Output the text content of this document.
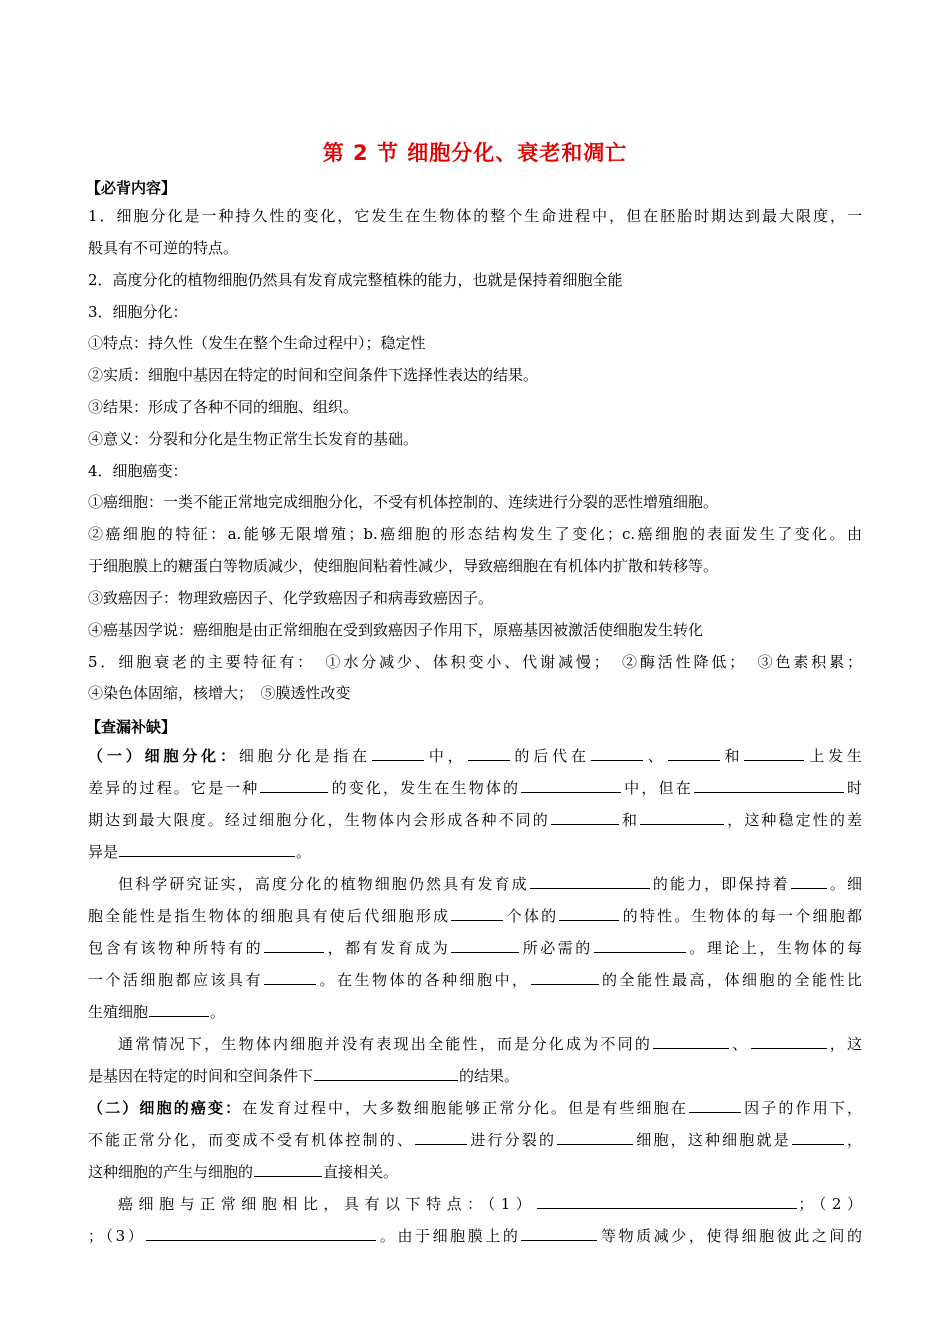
第 2 节 细胞分化、衰老和凋亡
【必背内容】
1．细胞分化是一种持久性的变化，它发生在生物体的整个生命进程中，但在胚胎时期达到最大限度，一
般具有不可逆的特点。
2．高度分化的植物细胞仍然具有发育成完整植株的能力，也就是保持着细胞全能
3．细胞分化：
①特点：持久性（发生在整个生命过程中）；稳定性
②实质：细胞中基因在特定的时间和空间条件下选择性表达的结果。
③结果：形成了各种不同的细胞、组织。
④意义：分裂和分化是生物正常生长发育的基础。
4．细胞癌变：
①癌细胞：一类不能正常地完成细胞分化，不受有机体控制的、连续进行分裂的恶性增殖细胞。
②癌细胞的特征：a.能够无限增殖；b.癌细胞的形态结构发生了变化；c.癌细胞的表面发生了变化。由
于细胞膜上的糖蛋白等物质减少，使细胞间粘着性减少，导致癌细胞在有机体内扩散和转移等。
③致癌因子：物理致癌因子、化学致癌因子和病毒致癌因子。
④癌基因学说：癌细胞是由正常细胞在受到致癌因子作用下，原癌基因被激活使细胞发生转化
5．细胞衰老的主要特征有：　①水分减少、体积变小、代谢减慢；　②酶活性降低；　③色素积累；
④染色体固缩，核增大；　⑤膜透性改变
【查漏补缺】
（一）细胞分化：细胞分化是指在	中，	的后代在	、	和	上发生
差异的过程。它是一种	的变化，发生在生物体的	中，但在	时
期达到最大限度。经过细胞分化，生物体内会形成各种不同的	和	，这种稳定性的差
异是	。
但科学研究证实，高度分化的植物细胞仍然具有发育成	的能力，即保持着	。细
胞全能性是指生物体的细胞具有使后代细胞形成	个体的	的特性。生物体的每一个细胞都
包含有该物种所特有的	，都有发育成为	所必需的	。理论上，生物体的每
一个活细胞都应该具有	。在生物体的各种细胞中，	的全能性最高，体细胞的全能性比
生殖细胞	。
通常情况下，生物体内细胞并没有表现出全能性，而是分化成为不同的	、	，这
是基因在特定的时间和空间条件下	的结果。
（二）细胞的癌变：在发育过程中，大多数细胞能够正常分化。但是有些细胞在	因子的作用下，
不能正常分化，而变成不受有机体控制的、	进行分裂的	细胞，这种细胞就是	，
这种细胞的产生与细胞的	直接相关。
癌细胞与正常细胞相比，具有以下特点：（1）	；（2）
；（3）	。由于细胞膜上的	等物质减少，使得细胞彼此之间的
